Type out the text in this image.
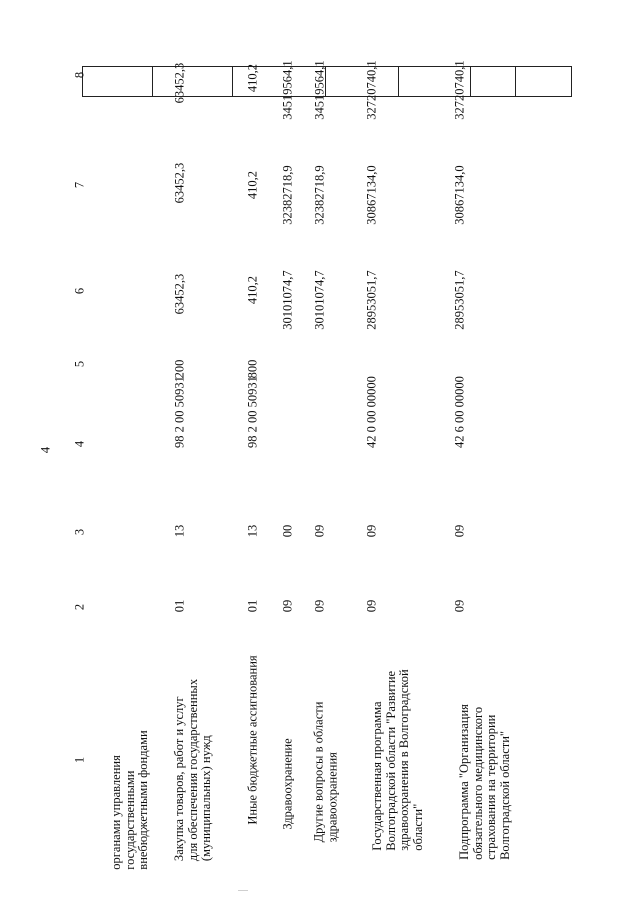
4
1
2
3
4
5
6
7
8
органами управления государственными внебюджетными фондами Закупка товаров, работ и услуг для обеспечения государственных (муниципальных) нужд
01
13
98 2 00 50931
200
63452,3
63452,3
63452,3
Иные бюджетные ассигнования
01
13
98 2 00 50931
800
410,2
410,2
410,2
Здравоохранение
09
00
30101074,7
32382718,9
34519564,1
Другие вопросы в области здравоохранения
09
09
30101074,7
32382718,9
34519564,1
Государственная программа Волгоградской области "Развитие здравоохранения в Волгоградской области"
09
09
42 0 00 00000
28953051,7
30867134,0
32720740,1
Подпрограмма "Организация обязательного медицинского страхования на территории Волгоградской области"
09
09
42 6 00 00000
28953051,7
30867134,0
32720740,1
